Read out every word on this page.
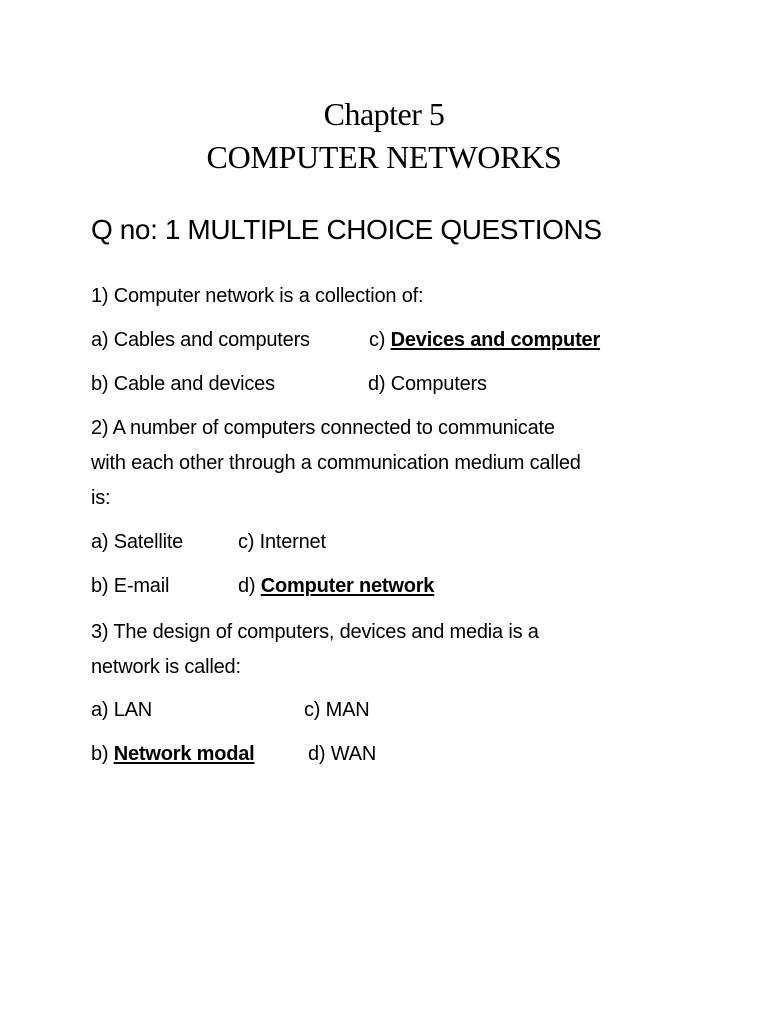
Chapter 5
COMPUTER NETWORKS
Q no: 1 MULTIPLE CHOICE QUESTIONS
1) Computer network is a collection of:
a) Cables and computers	c) Devices and computer
b) Cable and devices	d) Computers
2) A number of computers connected to communicate
with each other through a communication medium called
is:
a) Satellite	c) Internet
b) E-mail	d) Computer network
3) The design of computers, devices and media is a
network is called:
a) LAN	c) MAN
b) Network modal	d) WAN
